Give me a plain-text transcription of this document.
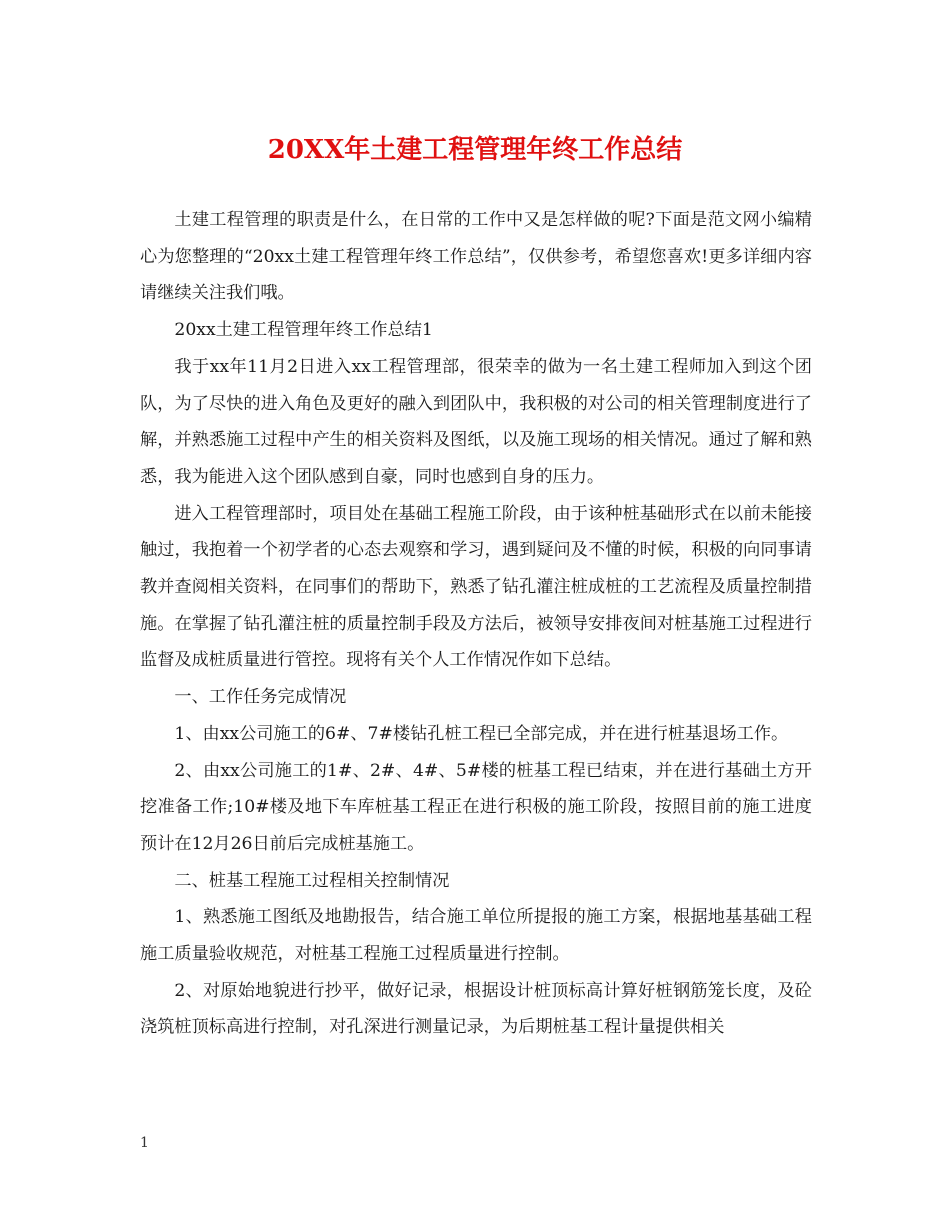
20XX年土建工程管理年终工作总结

土建工程管理的职责是什么，在日常的工作中又是怎样做的呢?下面是范文网小编精心为您整理的“20xx土建工程管理年终工作总结”，仅供参考，希望您喜欢!更多详细内容请继续关注我们哦。

20xx土建工程管理年终工作总结1

我于xx年11月2日进入xx工程管理部，很荣幸的做为一名土建工程师加入到这个团队，为了尽快的进入角色及更好的融入到团队中，我积极的对公司的相关管理制度进行了解，并熟悉施工过程中产生的相关资料及图纸，以及施工现场的相关情况。通过了解和熟悉，我为能进入这个团队感到自豪，同时也感到自身的压力。

进入工程管理部时，项目处在基础工程施工阶段，由于该种桩基础形式在以前未能接触过，我抱着一个初学者的心态去观察和学习，遇到疑问及不懂的时候，积极的向同事请教并查阅相关资料，在同事们的帮助下，熟悉了钻孔灌注桩成桩的工艺流程及质量控制措施。在掌握了钻孔灌注桩的质量控制手段及方法后，被领导安排夜间对桩基施工过程进行监督及成桩质量进行管控。现将有关个人工作情况作如下总结。

一、工作任务完成情况

1、由xx公司施工的6#、7#楼钻孔桩工程已全部完成，并在进行桩基退场工作。

2、由xx公司施工的1#、2#、4#、5#楼的桩基工程已结束，并在进行基础土方开挖准备工作;10#楼及地下车库桩基工程正在进行积极的施工阶段，按照目前的施工进度预计在12月26日前后完成桩基施工。

二、桩基工程施工过程相关控制情况

1、熟悉施工图纸及地勘报告，结合施工单位所提报的施工方案，根据地基基础工程施工质量验收规范，对桩基工程施工过程质量进行控制。

2、对原始地貌进行抄平，做好记录，根据设计桩顶标高计算好桩钢筋笼长度，及砼浇筑桩顶标高进行控制，对孔深进行测量记录，为后期桩基工程计量提供相关

1
